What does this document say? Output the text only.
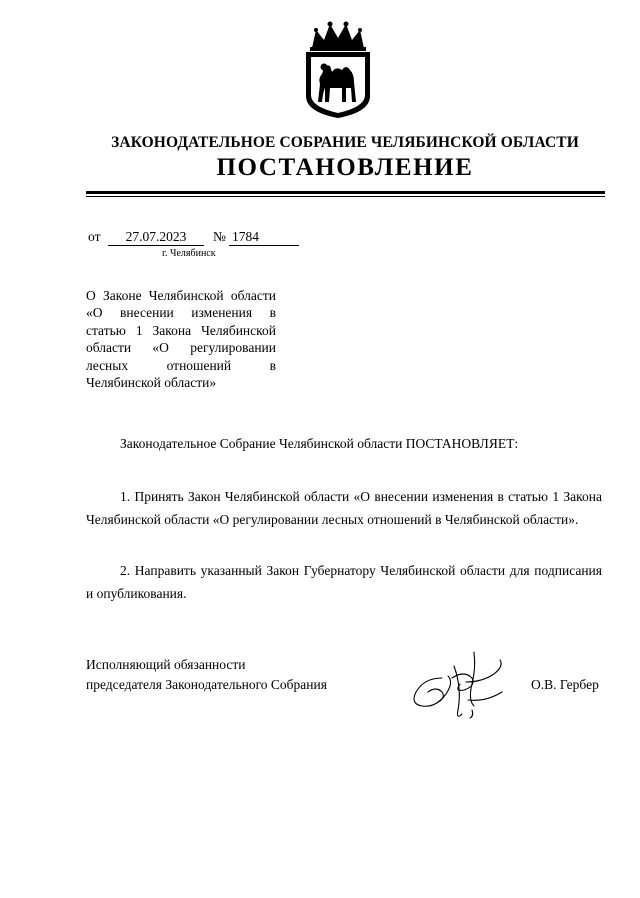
ЗАКОНОДАТЕЛЬНОЕ СОБРАНИЕ ЧЕЛЯБИНСКОЙ ОБЛАСТИ
ПОСТАНОВЛЕНИЕ
от	27.07.2023	№ 1784
г. Челябинск
О Законе Челябинской области «О внесении изменения в статью 1 Закона Челябинской области «О регулировании лесных отношений в Челябинской области»
Законодательное Собрание Челябинской области ПОСТАНОВЛЯЕТ:
1. Принять Закон Челябинской области «О внесении изменения в статью 1 Закона Челябинской области «О регулировании лесных отношений в Челябинской области».
2. Направить указанный Закон Губернатору Челябинской области для подписания и опубликования.
Исполняющий обязанности
председателя Законодательного Собрания	О.В. Гербер
